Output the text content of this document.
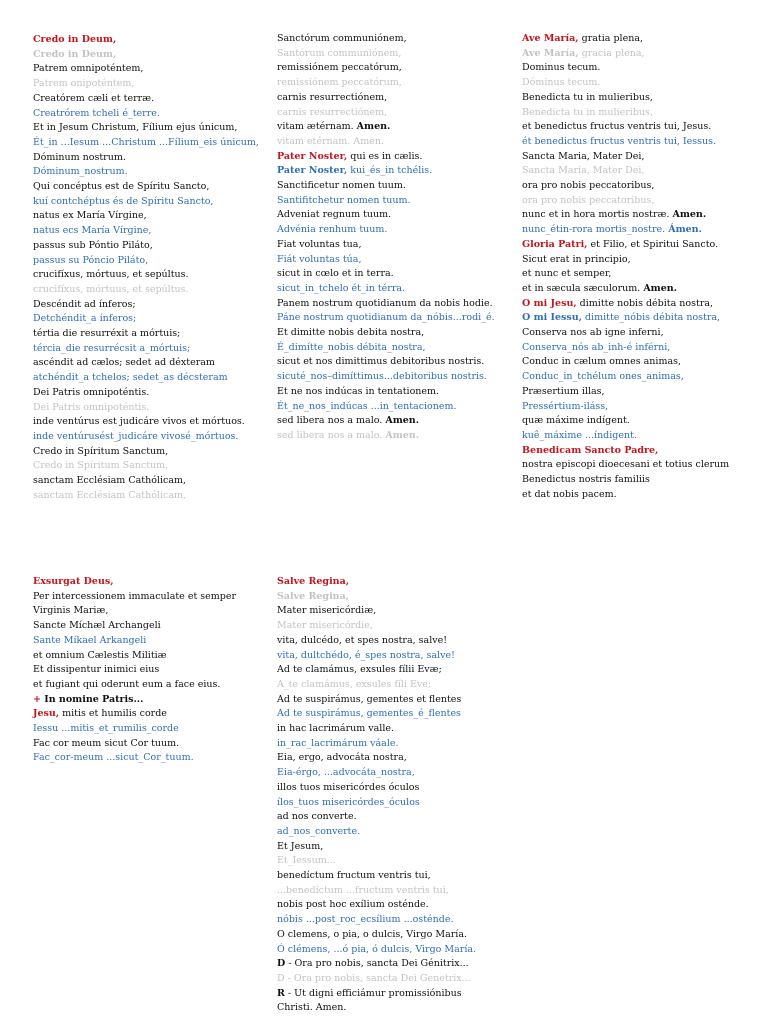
Credo in Deum,
Credo in Deum,
Patrem omnipoténtem,
Patrem onipoténtem,
Creatórem cæli et terræ.
Creatrórem tcheli é_terre.
Et in Jesum Christum, Fílium ejus únicum,
Ét_in ...Iesum ...Christum ...Fílium_eis únicum,
Dóminum nostrum.
Dóminum_nostrum.
Qui concéptus est de Spíritu Sancto,
kuí contchéptus és de Spíritu Sancto,
natus ex María Vírgine,
natus ecs María Vírgine,
passus sub Póntio Piláto,
passus su Póncio Piláto,
crucifíxus, mórtuus, et sepúltus.
crucifíxus, mórtuus, et sepúltus.
Descéndit ad ínferos;
Detchéndit_a ínferos;
tértia die resurréxit a mórtuis;
tércia_die resurrécsit a_mórtuis;
ascéndit ad cælos; sedet ad déxteram
atchéndit_a tchelos; sedet_as décsteram
Dei Patris omnipoténtis.
Dei Patris omnipoténtis.
inde ventúrus est judicáre vivos et mórtuos.
inde ventúrusést_judicáre vivosé_mórtuos.
Credo in Spíritum Sanctum,
Credo in Spíritum Sanctum,
sanctam Ecclésiam Cathólicam,
sanctam Ecclésiam Cathólicam,
Sanctórum communiónem,
Santórum communiónem,
remissiónem peccatórum,
remissiónem peccatórum,
carnis resurrectiónem,
carnis resurrectiónem,
vitam ætérnam. Amen.
vitam etérnam. Amen.
Pater Noster, qui es in cælis.
Pater Noster, kui_és_in tchélis.
Sanctificetur nomen tuum.
Santifitchetur nomen tuum.
Adveniat regnum tuum.
Advénia renhum tuum.
Fiat voluntas tua,
Fiát voluntas túa,
sicut in cœlo et in terra.
sicut_in_tchelo ét_in térra.
Panem nostrum quotidianum da nobis hodie.
Páne nostrum quotidianum da_nóbis...rodi_é.
Et dimitte nobis debita nostra,
É_dimítte_nobis débita_nostra,
sicut et nos dimittimus debitoribus nostris.
sicuté_nos–dimíttimus...debitoribus nostris.
Et ne nos indúcas in tentationem.
Ét_ne_nos_indúcas ...in_tentacionem.
sed libera nos a malo. Amen.
sed libera nos a malo. Amen.
Ave María, gratia plena,
Ave María, gracia plena,
Dominus tecum.
Dóminus tecum.
Benedicta tu in mulieribus,
Benedicta tu in mulieribus,
et benedictus fructus ventris tui, Jesus.
ét benedictus fructus ventris tui, Iessus.
Sancta Maria, Mater Dei,
Sancta Maria, Mater Dei,
ora pro nobis peccatoribus,
ora pro nobis peccatoribus,
nunc et in hora mortis nostræ. Amen.
nunc_étin-rora mortis_nostre. Ámen.
Gloria Patri, et Filio, et Spiritui Sancto.
Sicut erat in principio,
et nunc et semper,
et in sæcula sæculorum. Amen.
O mi Jesu, dimitte nobis débita nostra,
O mi Iessu, dimitte_nóbis débita nostra,
Conserva nos ab igne inferni,
Conserva_nós ab_inh-é inférni,
Conduc in cælum omnes animas,
Conduc_in_tchélum ones_animas,
Præsertium illas,
Pressértium-iláss,
quæ máxime indígent.
kuê_máxime ...índigent.
Benedicam Sancto Padre,
nostra episcopi dioecesani et totius clerum
Benedictus nostris familiis
et dat nobis pacem.
Exsurgat Deus,
Per intercessionem immaculate et semper
Virginis Mariæ,
Sancte Míchæl Archangeli
Sante Míkael Arkangeli
et omnium Cælestis Militiæ
Et dissipentur inimici eius
et fugiant qui oderunt eum a face eius.
+ In nomine Patris...
Jesu, mitis et humilis corde
Iessu ...mitis_et_rumilis_corde
Fac cor meum sicut Cor tuum.
Fac_cor-meum ...sicut_Cor_tuum.
Salve Regina,
Salve Regina,
Mater misericórdiæ,
Mater misericórdie,
vita, dulcédo, et spes nostra, salve!
vita, dultchédo, é_spes nostra, salve!
Ad te clamámus, exsules fílii Evæ;
A_te clamámus, exsules fíli Eve;
Ad te suspirámus, gementes et flentes
Ad te suspirámus, gementes_é_flentes
in hac lacrimárum valle.
in_rac_lacrimárum váale.
Eia, ergo, advocáta nostra,
Eia-érgo, ...advocáta_nostra,
illos tuos misericórdes óculos
ílos_tuos misericórdes_óculos
ad nos converte.
ad_nos_converte.
Et Jesum,
Et_Iessum...
benedíctum fructum ventris tui,
...benedíctum ...fructum ventris tui,
nobis post hoc exílium osténde.
nóbis ...post_roc_ecsílium ...osténde.
O clemens, o pia, o dulcis, Virgo María.
Ó clémens, ...ó pia, ó dulcis, Virgo María.
D - Ora pro nobis, sancta Dei Génitrix...
D - Ora pro nobis, sancta Dei Genetrix...
R - Ut digni efficiámur promissiónibus
Christi. Amen.
